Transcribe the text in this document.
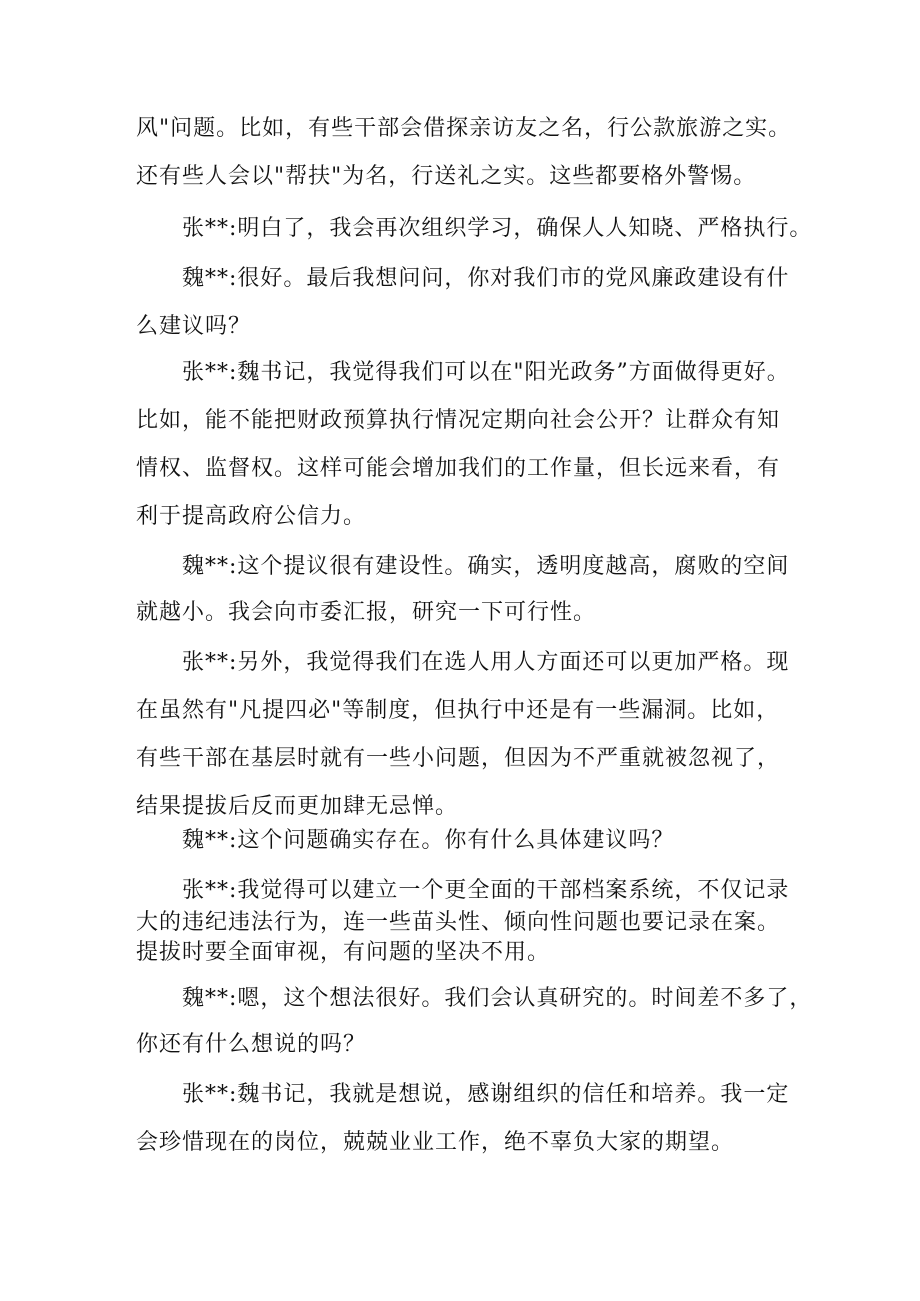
风"问题。比如，有些干部会借探亲访友之名，行公款旅游之实。
还有些人会以"帮扶"为名，行送礼之实。这些都要格外警惕。
张**:明白了，我会再次组织学习，确保人人知晓、严格执行。
魏**:很好。最后我想问问，你对我们市的党风廉政建设有什
么建议吗？
张**:魏书记，我觉得我们可以在"阳光政务”方面做得更好。
比如，能不能把财政预算执行情况定期向社会公开？让群众有知
情权、监督权。这样可能会增加我们的工作量，但长远来看，有
利于提高政府公信力。
魏**:这个提议很有建设性。确实，透明度越高，腐败的空间
就越小。我会向市委汇报，研究一下可行性。
张**:另外，我觉得我们在选人用人方面还可以更加严格。现
在虽然有"凡提四必"等制度，但执行中还是有一些漏洞。比如，
有些干部在基层时就有一些小问题，但因为不严重就被忽视了，
结果提拔后反而更加肆无忌惮。
魏**:这个问题确实存在。你有什么具体建议吗？
张**:我觉得可以建立一个更全面的干部档案系统，不仅记录
大的违纪违法行为，连一些苗头性、倾向性问题也要记录在案。
提拔时要全面审视，有问题的坚决不用。
魏**:嗯，这个想法很好。我们会认真研究的。时间差不多了，
你还有什么想说的吗？
张**:魏书记，我就是想说，感谢组织的信任和培养。我一定
会珍惜现在的岗位，兢兢业业工作，绝不辜负大家的期望。
